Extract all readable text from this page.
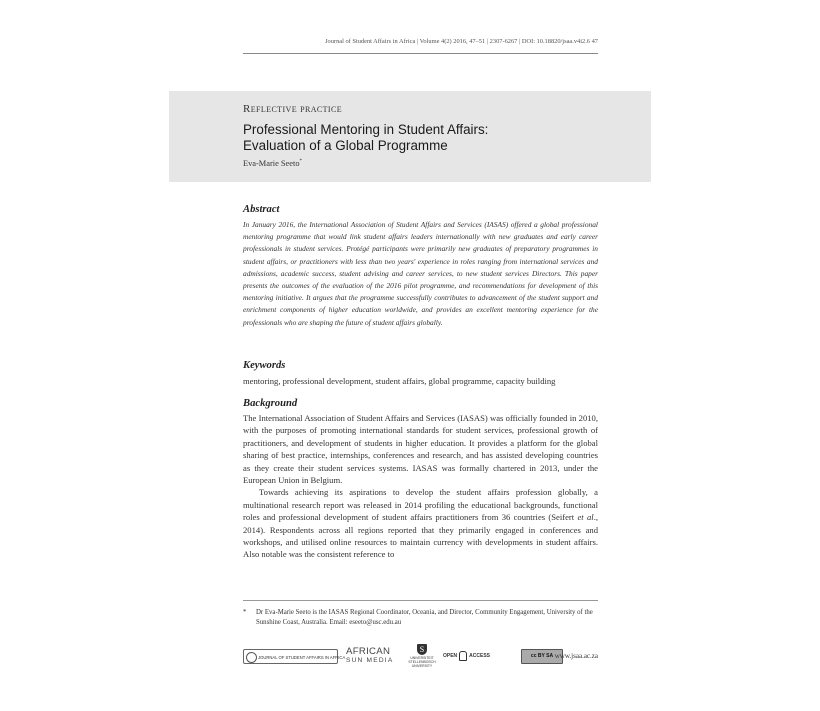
Journal of Student Affairs in Africa | Volume 4(2) 2016, 47–51 | 2307-6267 | DOI: 10.18820/jsaa.v4i2.6 47
Reflective practice
Professional Mentoring in Student Affairs:
Evaluation of a Global Programme
Eva-Marie Seeto*
Abstract
In January 2016, the International Association of Student Affairs and Services (IASAS) offered a global professional mentoring programme that would link student affairs leaders internationally with new graduates and early career professionals in student services. Protégé participants were primarily new graduates of preparatory programmes in student affairs, or practitioners with less than two years' experience in roles ranging from international services and admissions, academic success, student advising and career services, to new student services Directors. This paper presents the outcomes of the evaluation of the 2016 pilot programme, and recommendations for development of this mentoring initiative. It argues that the programme successfully contributes to advancement of the student support and enrichment components of higher education worldwide, and provides an excellent mentoring experience for the professionals who are shaping the future of student affairs globally.
Keywords
mentoring, professional development, student affairs, global programme, capacity building
Background

The International Association of Student Affairs and Services (IASAS) was officially founded in 2010, with the purposes of promoting international standards for student services, professional growth of practitioners, and development of students in higher education. It provides a platform for the global sharing of best practice, internships, conferences and research, and has assisted developing countries as they create their student services systems. IASAS was formally chartered in 2013, under the European Union in Belgium.

Towards achieving its aspirations to develop the student affairs profession globally, a multinational research report was released in 2014 profiling the educational backgrounds, functional roles and professional development of student affairs practitioners from 36 countries (Seifert et al., 2014). Respondents across all regions reported that they primarily engaged in conferences and workshops, and utilised online resources to maintain currency with developments in student affairs. Also notable was the consistent reference to

* Dr Eva-Marie Seeto is the IASAS Regional Coordinator, Oceania, and Director, Community Engagement, University of the Sunshine Coast, Australia. Email: eseeto@usc.edu.au
JOURNAL OF STUDENT AFFAIRS IN AFRICA
AFRICAN
SUN MEDIA
S
UNIVERSITEIT STELLENBOSCH UNIVERSITY
OPEN ACCESS	cc BY SA www.jsaa.ac.za
